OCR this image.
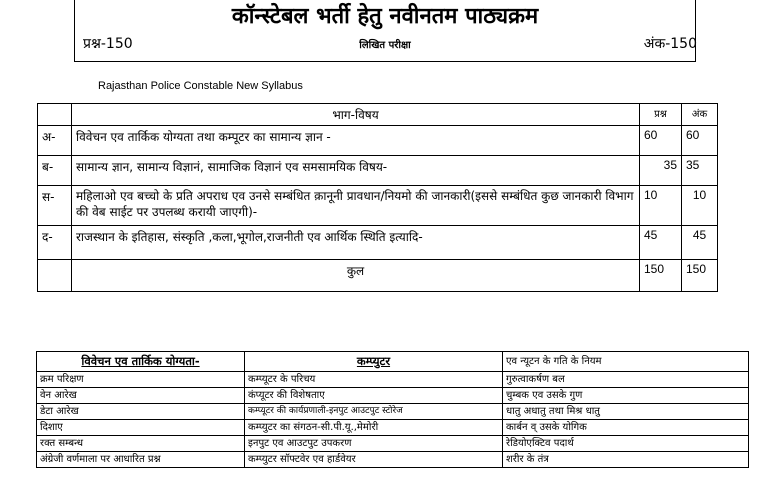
कॉन्स्टेबल भर्ती हेतु नवीनतम पाठ्यक्रम
प्रश्न-150	लिखित परीक्षा	अंक-150
Rajasthan Police Constable New Syllabus
	भाग-विषय	प्रश्न	अंक
अ-	विवेचन एव तार्किक योग्यता तथा कम्पूटर का सामान्य ज्ञान -	60	60
ब-	सामान्य ज्ञान, सामान्य विज्ञानं, सामाजिक विज्ञानं एव समसामयिक विषय-	35	35
स-	महिलाओ एव बच्चो के प्रति अपराध एव उनसे सम्बंधित क़ानूनी प्रावधान/नियमो की जानकारी(इससे सम्बंधित कुछ जानकारी विभाग की वेब साईट पर उपलब्ध करायी जाएगी)-	10	10
द-	राजस्थान के इतिहास, संस्कृति ,कला,भूगोल,राजनीती एव आर्थिक स्थिति इत्यादि-	45	45
	कुल	150	150
विवेचन एव तार्किक योग्यता-	कम्प्युटर	एव न्यूटन के गति के नियम
क्रम परिक्षण	कम्प्यूटर के परिचय	गुरुत्वाकर्षण बल
वेन आरेख	कंप्यूटर की विशेषताए	चुम्बक एव उसके गुण
डेटा आरेख	कम्प्यूटर की कार्यप्रणाली-इनपुट आउटपुट स्टोरेज	धातु अधातु तथा मिश्र धातु
दिशाए	कम्प्युटर का संगठन-सी.पी.यू.,मेमोरी	कार्बन व् उसके योगिक
रक्त सम्बन्ध	इनपुट एव आउटपुट उपकरण	रेडियोएक्टिव पदार्थ
अंग्रेजी वर्णमाला पर आधारित प्रश्न	कम्प्युटर सॉफ्टवेर एव हार्डवेयर	शरीर के तंत्र
